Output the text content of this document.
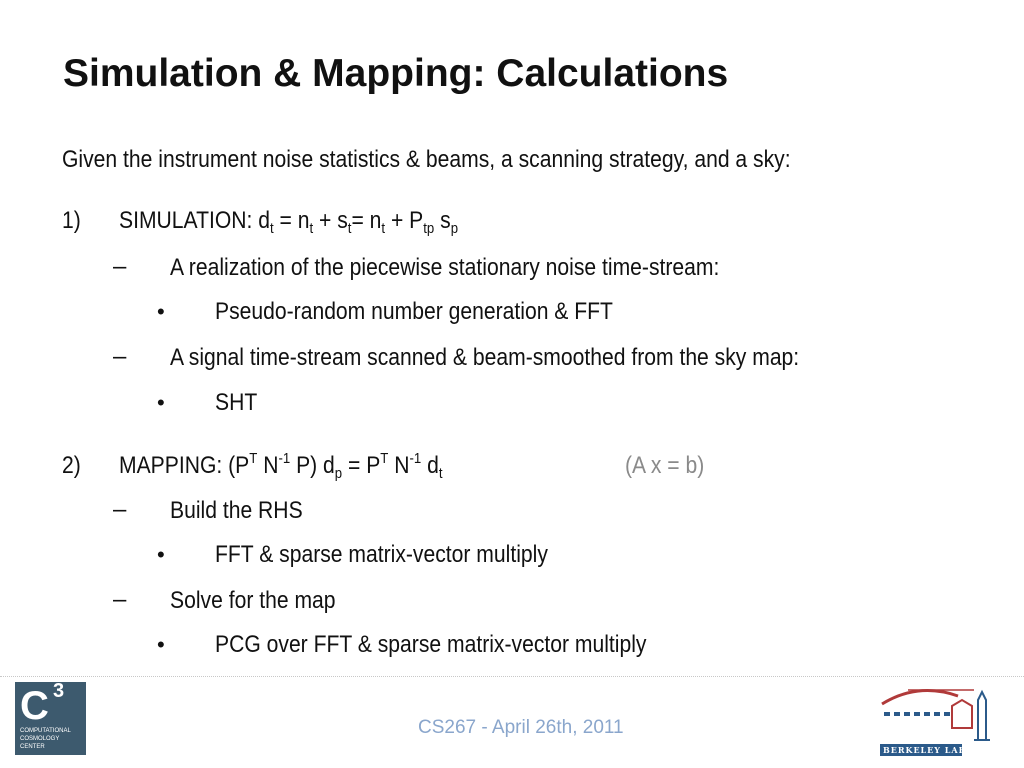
Simulation & Mapping: Calculations
Given the instrument noise statistics & beams, a scanning strategy, and a sky:
1) SIMULATION: $d_t = n_t + s_t= n_t + P_{tp}$ $s_p$
– A realization of the piecewise stationary noise time-stream:
• Pseudo-random number generation & FFT
– A signal time-stream scanned & beam-smoothed from the sky map:
• SHT
2) MAPPING: ($P^T$ $N^{-1}$ P) $d_p = P^T$ $N^{-1}$ $d_t$	(A x = b)
– Build the RHS
• FFT & sparse matrix-vector multiply
– Solve for the map
• PCG over FFT & sparse matrix-vector multiply
C 3
COMPUTATIONAL
COSMOLOGY
CENTER
CS267 - April 26th, 2011
BERKELEY LAB
